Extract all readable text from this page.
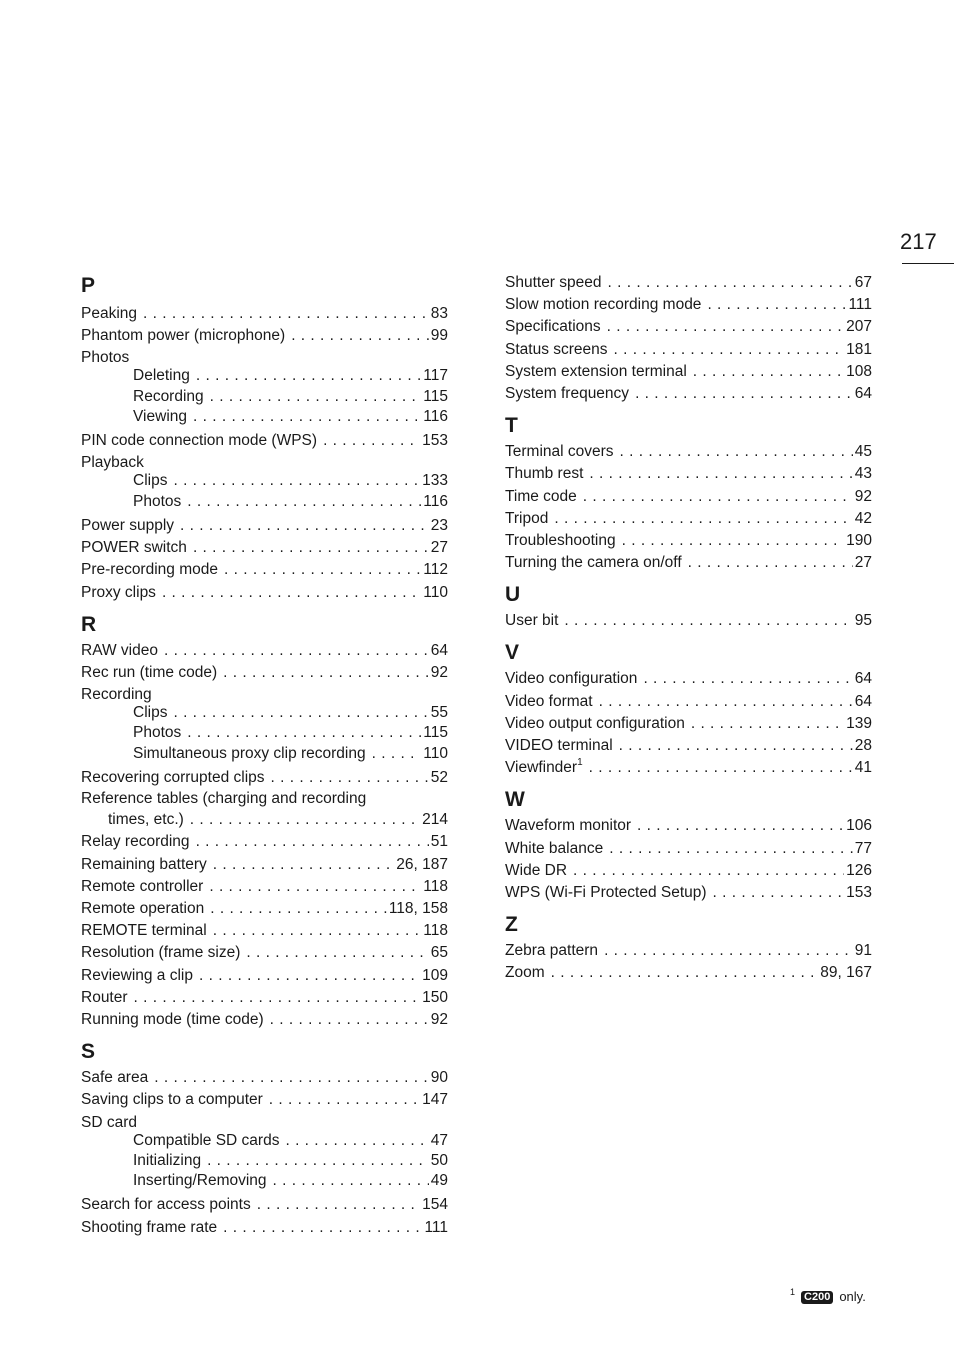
217
P
Peaking . . .	83
Phantom power (microphone) . . .	99
Photos
Deleting . . .	117
Recording . . .	115
Viewing . . .	116
PIN code connection mode (WPS) . . .	153
Playback
Clips . . .	133
Photos . . .	116
Power supply . . .	23
POWER switch . . .	27
Pre-recording mode . . .	112
Proxy clips . . .	110
R
RAW video . . .	64
Rec run (time code) . . .	92
Recording
Clips . . .	55
Photos . . .	115
Simultaneous proxy clip recording . . .	110
Recovering corrupted clips . . .	52
Reference tables (charging and recording
times, etc.) . . .	214
Relay recording . . .	51
Remaining battery . . .	26, 187
Remote controller . . .	118
Remote operation . . .	118, 158
REMOTE terminal . . .	118
Resolution (frame size) . . .	65
Reviewing a clip . . .	109
Router . . .	150
Running mode (time code) . . .	92
S
Safe area . . .	90
Saving clips to a computer . . .	147
SD card
Compatible SD cards . . .	47
Initializing . . .	50
Inserting/Removing . . .	49
Search for access points . . .	154
Shooting frame rate . . .	111
Shutter speed . . .	67
Slow motion recording mode . . .	111
Specifications . . .	207
Status screens . . .	181
System extension terminal . . .	108
System frequency . . .	64
T
Terminal covers . . .	45
Thumb rest . . .	43
Time code . . .	92
Tripod . . .	42
Troubleshooting . . .	190
Turning the camera on/off . . .	27
U
User bit . . .	95
V
Video configuration . . .	64
Video format . . .	64
Video output configuration . . .	139
VIDEO terminal . . .	28
Viewfinder$^1$ . . .	41
W
Waveform monitor . . .	106
White balance . . .	77
Wide DR . . .	126
WPS (Wi-Fi Protected Setup) . . .	153
Z
Zebra pattern . . .	91
Zoom . . .	89, 167
$^1$ C200 only.
